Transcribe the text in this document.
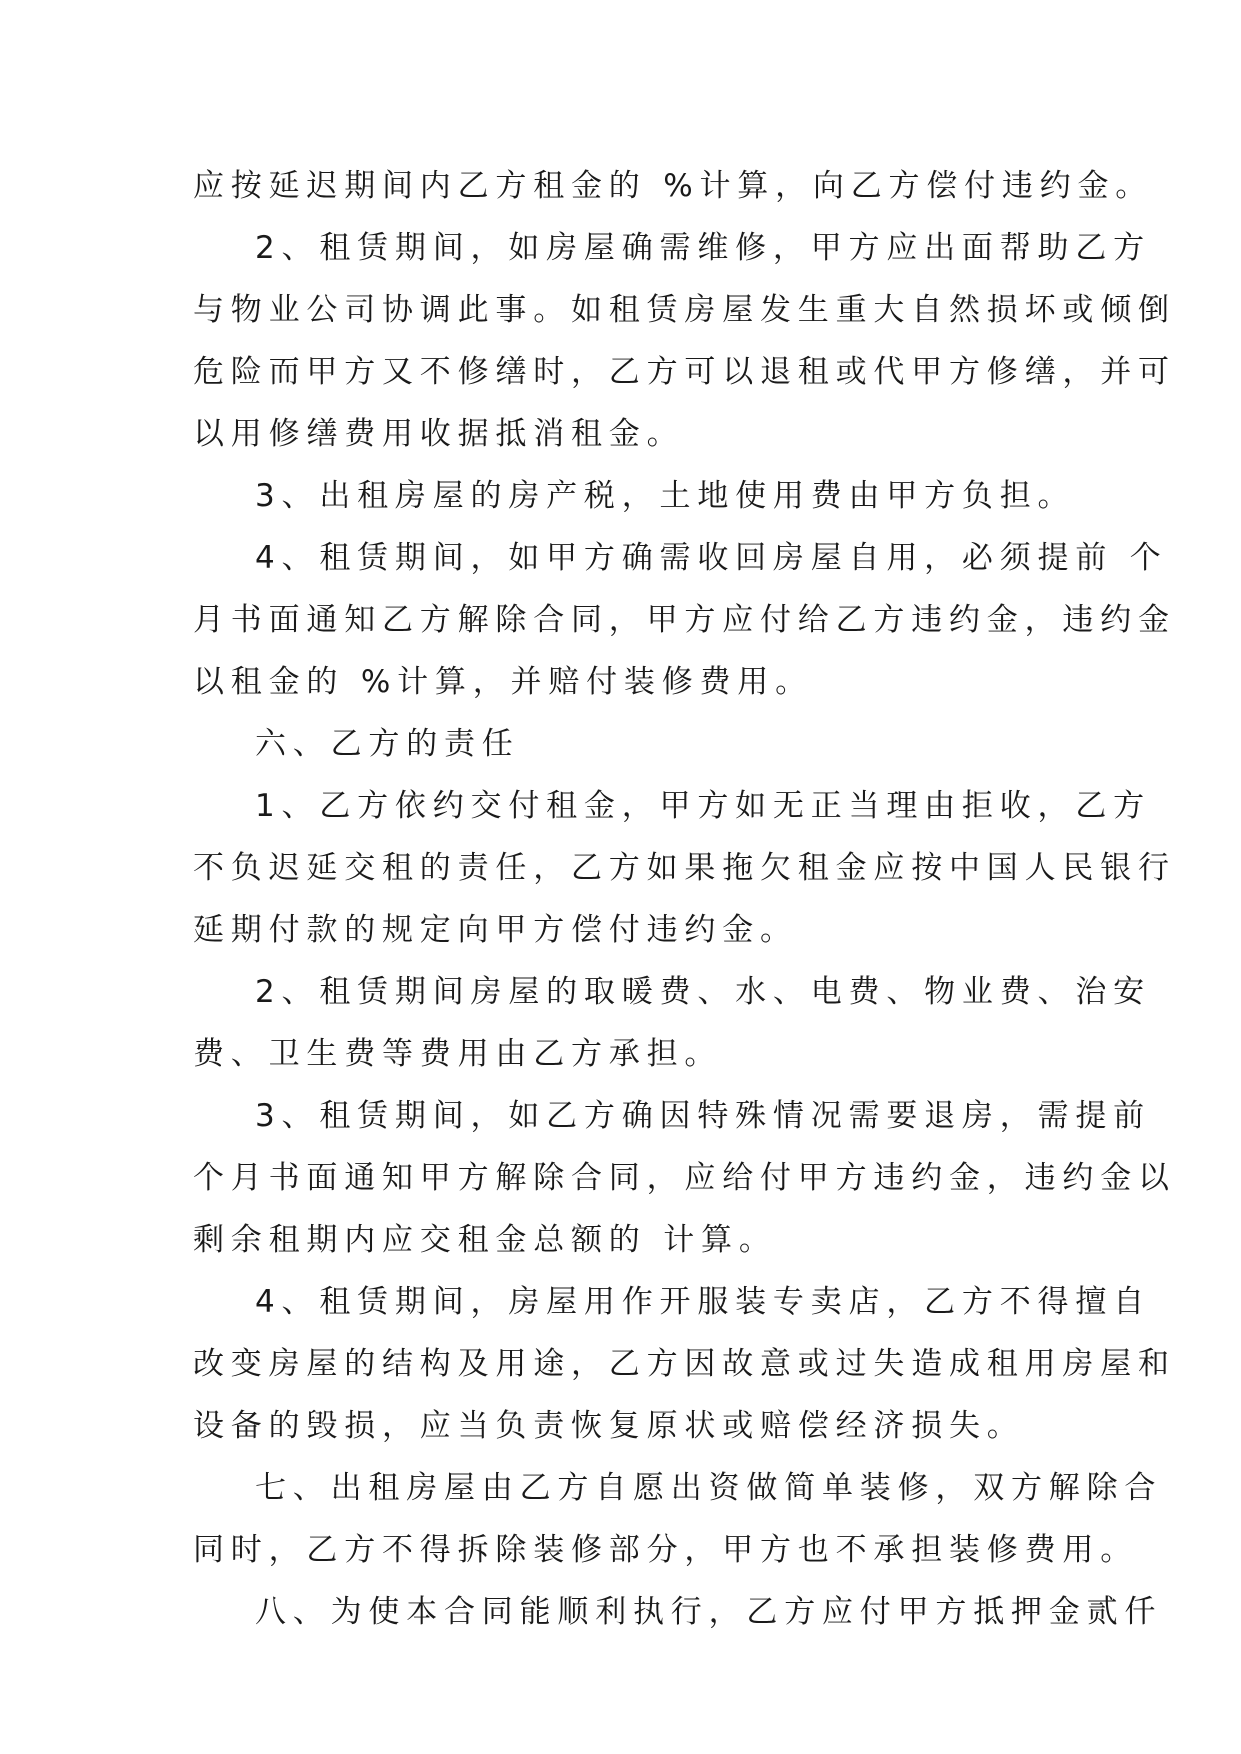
应按延迟期间内乙方租金的 %计算，向乙方偿付违约金。
2、租赁期间，如房屋确需维修，甲方应出面帮助乙方
与物业公司协调此事。如租赁房屋发生重大自然损坏或倾倒
危险而甲方又不修缮时，乙方可以退租或代甲方修缮，并可
以用修缮费用收据抵消租金。
3、出租房屋的房产税，土地使用费由甲方负担。
4、租赁期间，如甲方确需收回房屋自用，必须提前 个
月书面通知乙方解除合同，甲方应付给乙方违约金，违约金
以租金的 %计算，并赔付装修费用。
六、乙方的责任
1、乙方依约交付租金，甲方如无正当理由拒收，乙方
不负迟延交租的责任，乙方如果拖欠租金应按中国人民银行
延期付款的规定向甲方偿付违约金。
2、租赁期间房屋的取暖费、水、电费、物业费、治安
费、卫生费等费用由乙方承担。
3、租赁期间，如乙方确因特殊情况需要退房，需提前
个月书面通知甲方解除合同，应给付甲方违约金，违约金以
剩余租期内应交租金总额的 计算。
4、租赁期间，房屋用作开服装专卖店，乙方不得擅自
改变房屋的结构及用途，乙方因故意或过失造成租用房屋和
设备的毁损，应当负责恢复原状或赔偿经济损失。
七、出租房屋由乙方自愿出资做简单装修，双方解除合
同时，乙方不得拆除装修部分，甲方也不承担装修费用。
八、为使本合同能顺利执行，乙方应付甲方抵押金贰仟
